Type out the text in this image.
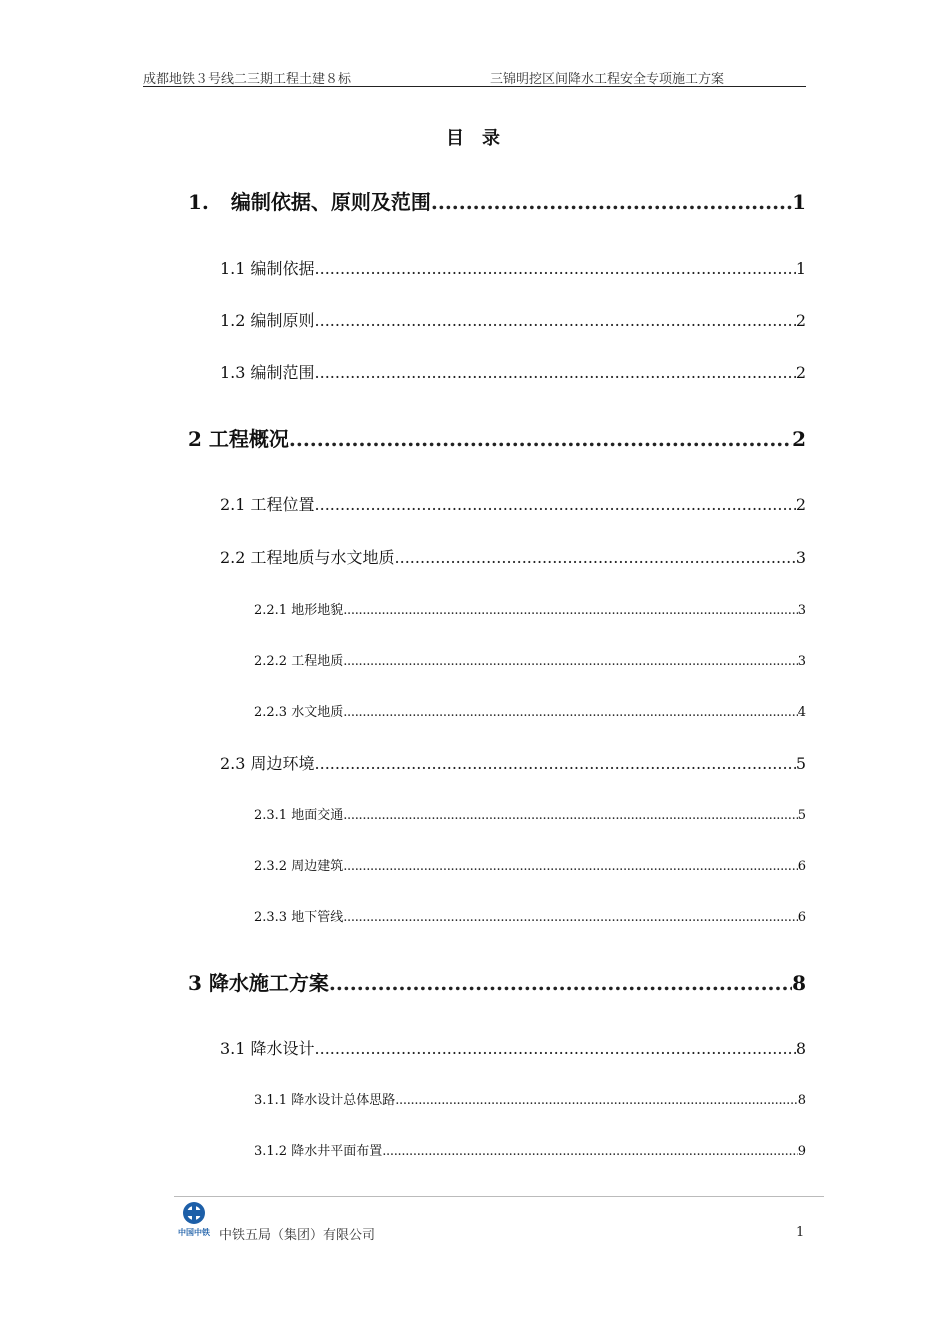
成都地铁３号线二三期工程土建８标	三锦明挖区间降水工程安全专项施工方案
目 录
1. 编制依据、原则及范围 .....	1
1.1 编制依据 .....	1
1.2 编制原则 .....	2
1.3 编制范围 .....	2
2 工程概况 .....	2
2.1 工程位置 .....	2
2.2 工程地质与水文地质 .....	3
2.2.1 地形地貌 .....	3
2.2.2 工程地质 .....	3
2.2.3 水文地质 .....	4
2.3 周边环境 .....	5
2.3.1 地面交通 .....	5
2.3.2 周边建筑 .....	6
2.3.3 地下管线 .....	6
3 降水施工方案 .....	8
3.1 降水设计 .....	8
3.1.1 降水设计总体思路 .....	8
3.1.2 降水井平面布置 .....	9
中国中铁 中铁五局（集团）有限公司	1
